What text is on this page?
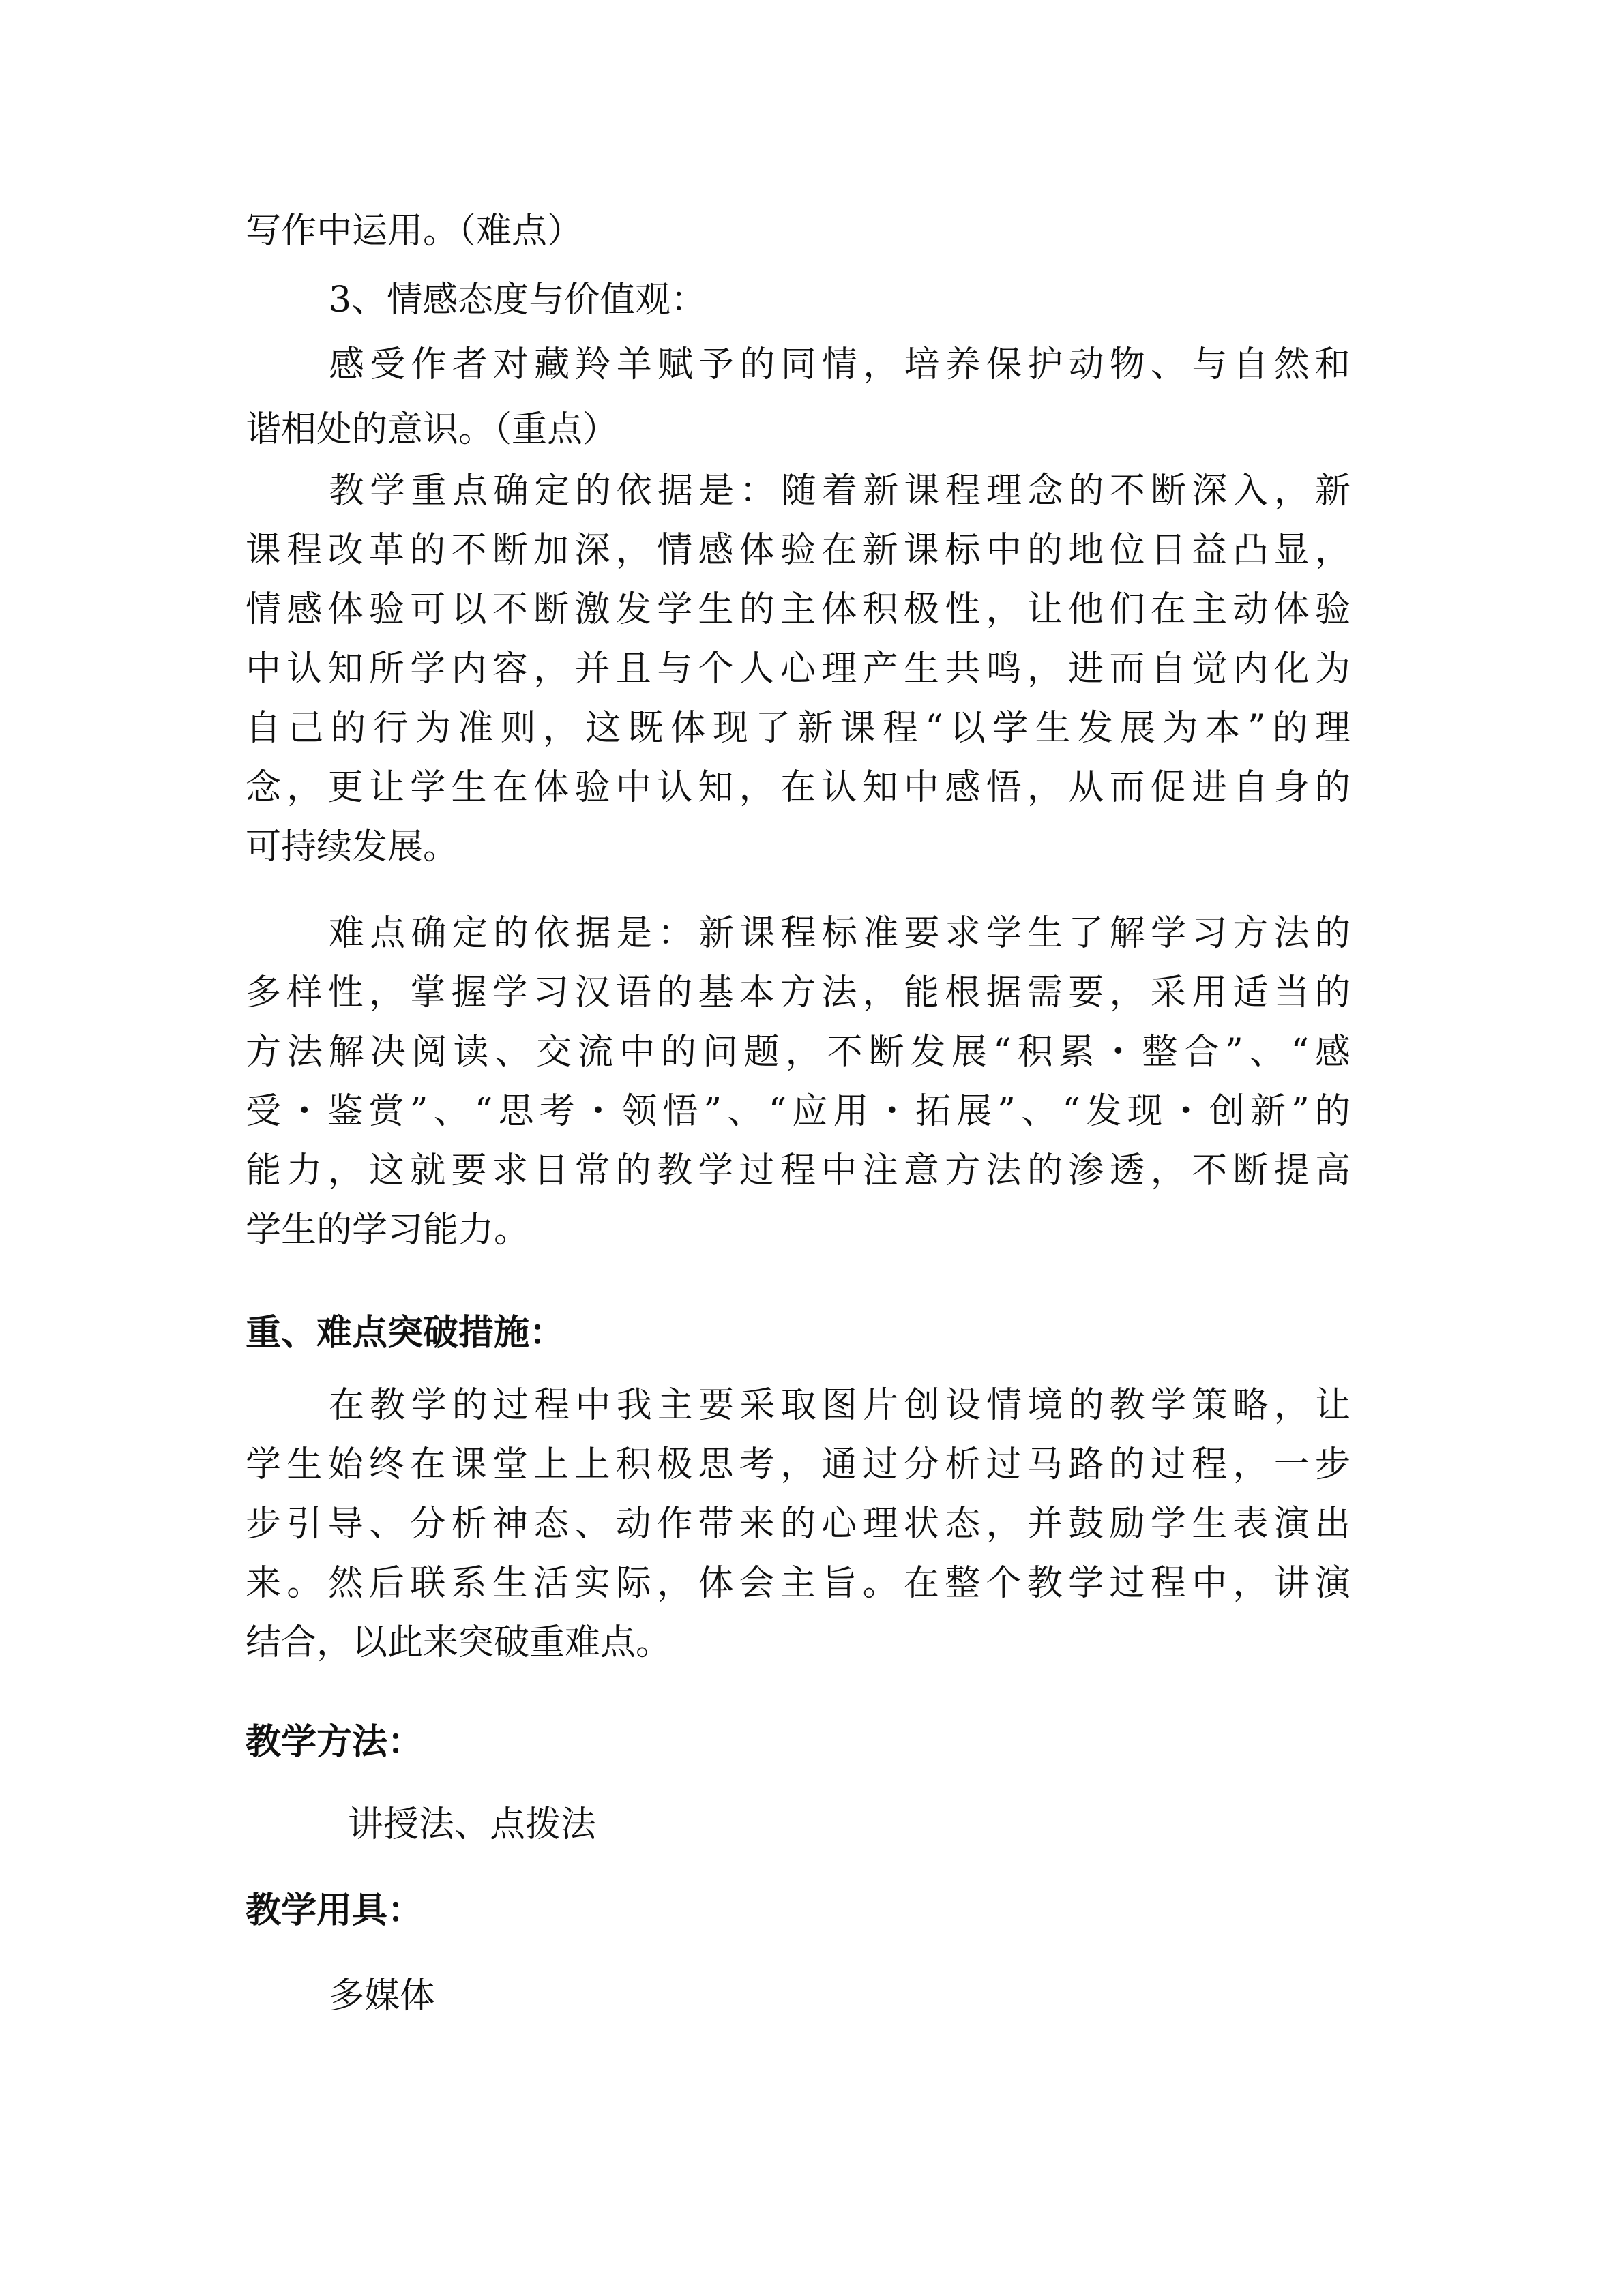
写作中运用。（难点）
3、情感态度与价值观：
感受作者对藏羚羊赋予的同情，培养保护动物、与自然和
谐相处的意识。（重点）
教学重点确定的依据是：随着新课程理念的不断深入，新
课程改革的不断加深，情感体验在新课标中的地位日益凸显，
情感体验可以不断激发学生的主体积极性，让他们在主动体验
中认知所学内容，并且与个人心理产生共鸣，进而自觉内化为
自己的行为准则，这既体现了新课程“以学生发展为本”的理
念，更让学生在体验中认知，在认知中感悟，从而促进自身的
可持续发展。
难点确定的依据是：新课程标准要求学生了解学习方法的
多样性，掌握学习汉语的基本方法，能根据需要，采用适当的
方法解决阅读、交流中的问题，不断发展“积累・整合”、“感
受・鉴赏”、“思考・领悟”、“应用・拓展”、“发现・创新”的
能力，这就要求日常的教学过程中注意方法的渗透，不断提高
学生的学习能力。
重、难点突破措施：
在教学的过程中我主要采取图片创设情境的教学策略，让
学生始终在课堂上上积极思考，通过分析过马路的过程，一步
步引导、分析神态、动作带来的心理状态，并鼓励学生表演出
来。然后联系生活实际，体会主旨。在整个教学过程中，讲演
结合，以此来突破重难点。
教学方法：
讲授法、点拨法
教学用具：
多媒体
